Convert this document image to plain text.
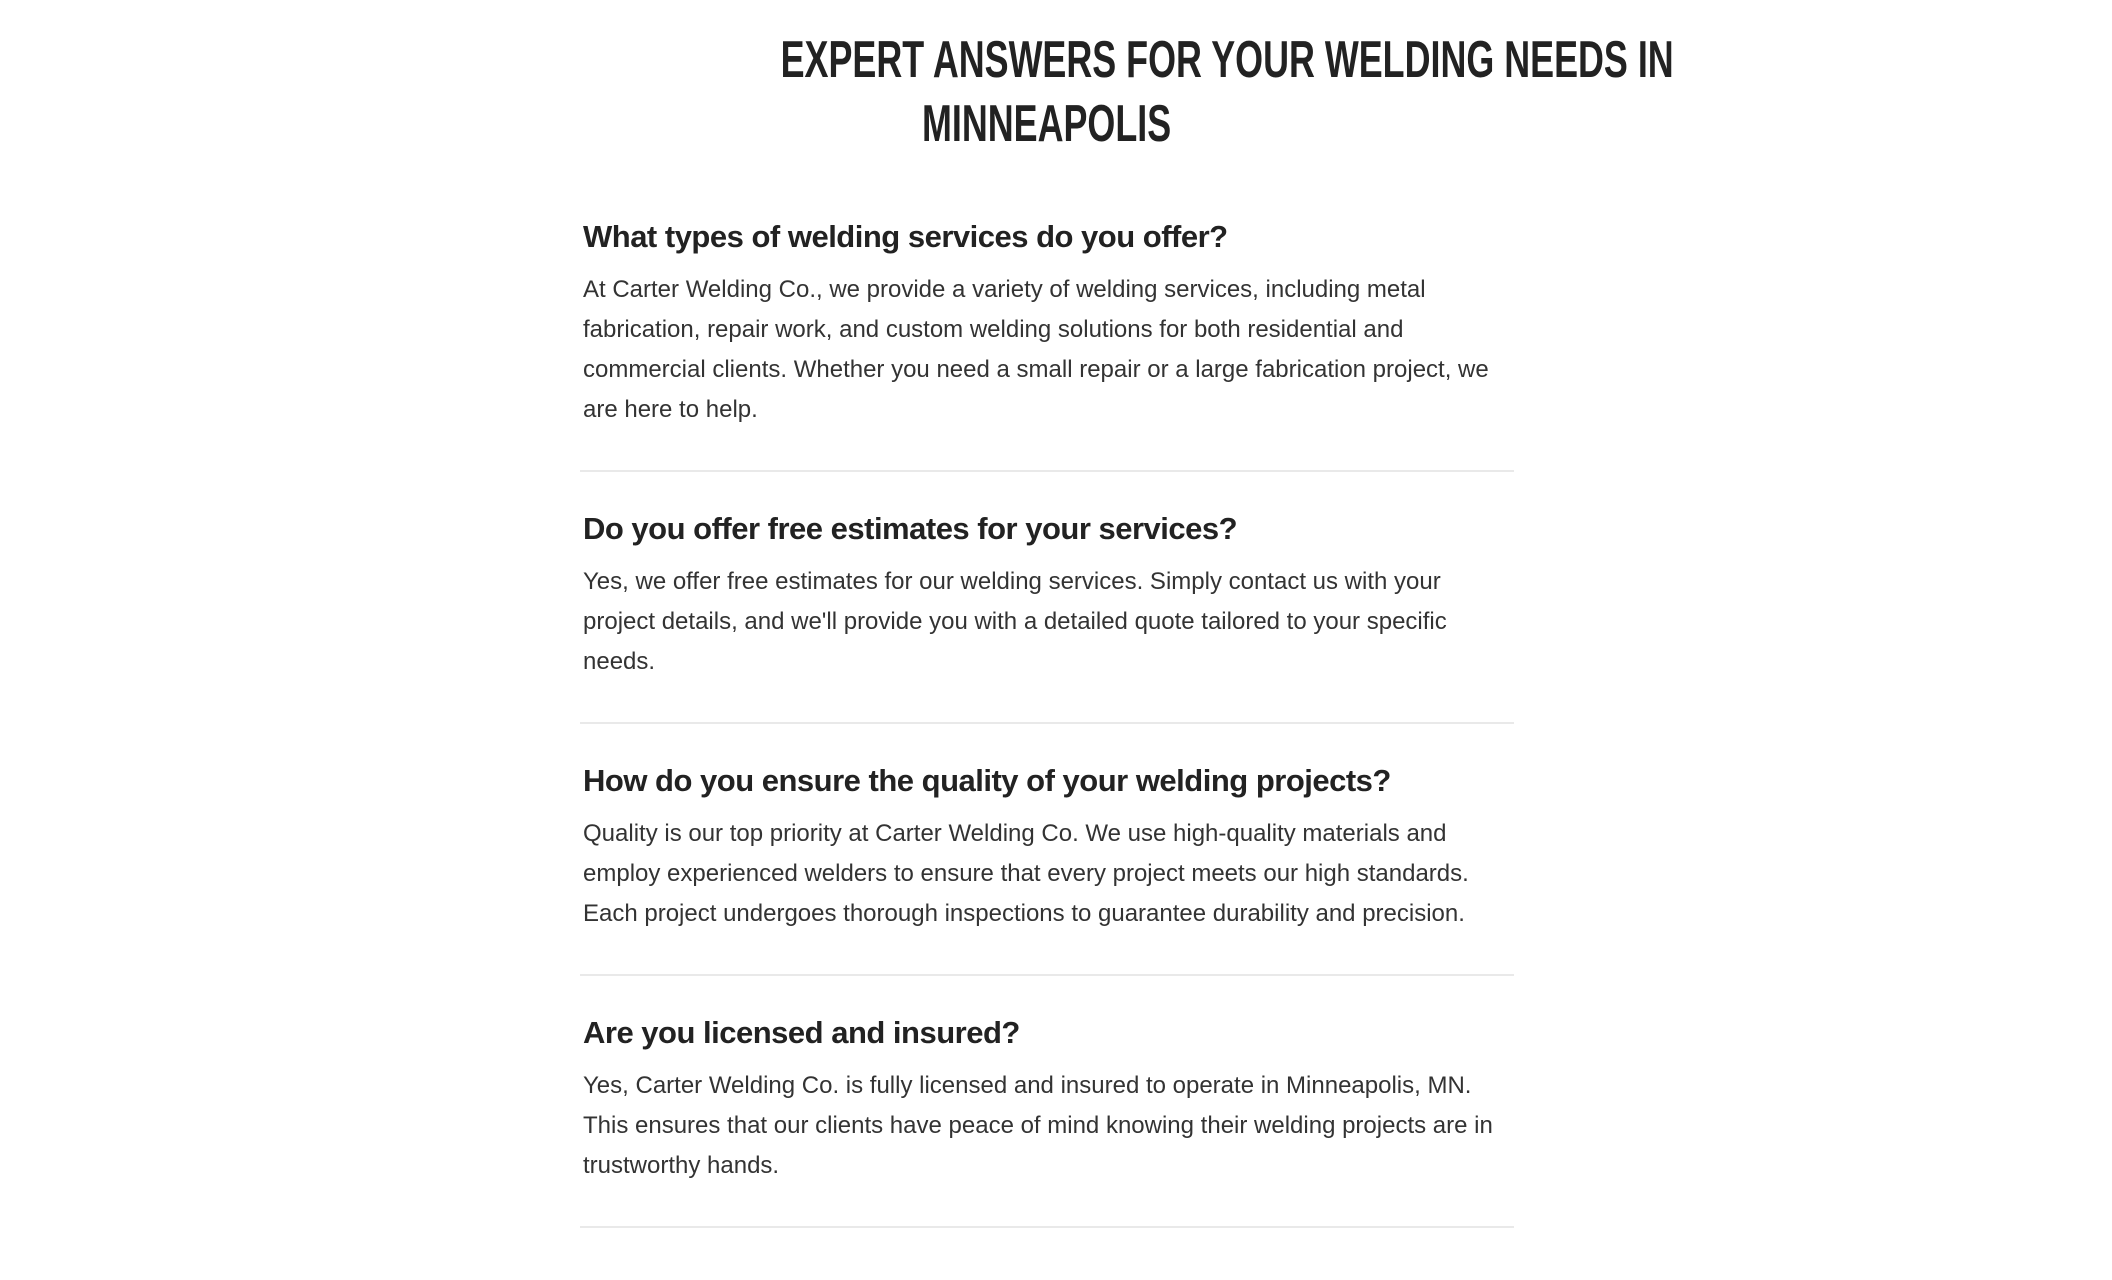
EXPERT ANSWERS FOR YOUR WELDING NEEDS IN
MINNEAPOLIS
What types of welding services do you offer?

At Carter Welding Co., we provide a variety of welding services, including metal fabrication, repair work, and custom welding solutions for both residential and commercial clients. Whether you need a small repair or a large fabrication project, we are here to help.

Do you offer free estimates for your services?

Yes, we offer free estimates for our welding services. Simply contact us with your project details, and we'll provide you with a detailed quote tailored to your specific needs.

How do you ensure the quality of your welding projects?

Quality is our top priority at Carter Welding Co. We use high-quality materials and employ experienced welders to ensure that every project meets our high standards. Each project undergoes thorough inspections to guarantee durability and precision.

Are you licensed and insured?

Yes, Carter Welding Co. is fully licensed and insured to operate in Minneapolis, MN. This ensures that our clients have peace of mind knowing their welding projects are in trustworthy hands.
